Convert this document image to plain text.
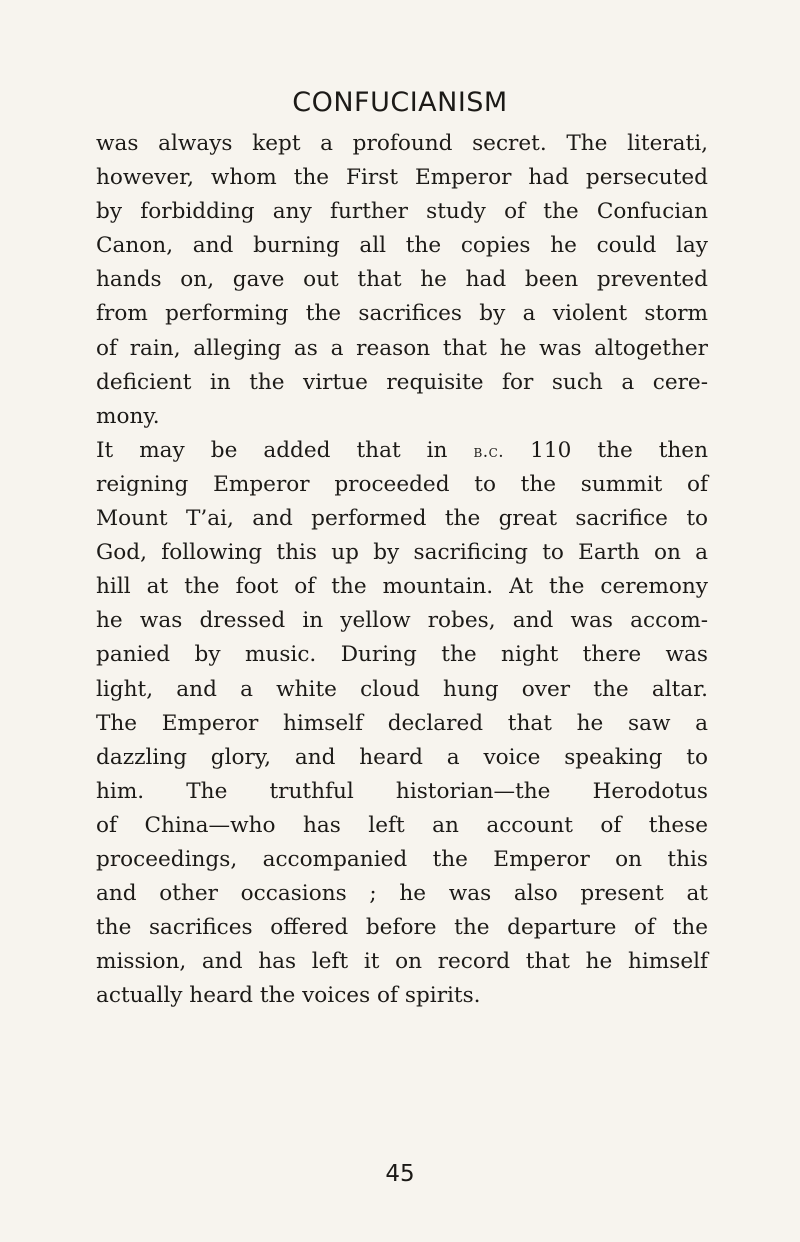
CONFUCIANISM
was always kept a profound secret. The literati,
however, whom the First Emperor had persecuted
by forbidding any further study of the Confucian
Canon, and burning all the copies he could lay
hands on, gave out that he had been prevented
from performing the sacrifices by a violent storm
of rain, alleging as a reason that he was altogether
deficient in the virtue requisite for such a cere-
mony.
It may be added that in b.c. 110 the then
reigning Emperor proceeded to the summit of
Mount T’ai, and performed the great sacrifice to
God, following this up by sacrificing to Earth on a
hill at the foot of the mountain. At the ceremony
he was dressed in yellow robes, and was accom-
panied by music. During the night there was
light, and a white cloud hung over the altar.
The Emperor himself declared that he saw a
dazzling glory, and heard a voice speaking to
him. The truthful historian—the Herodotus
of China—who has left an account of these
proceedings, accompanied the Emperor on this
and other occasions ; he was also present at
the sacrifices offered before the departure of the
mission, and has left it on record that he himself
actually heard the voices of spirits.
45
